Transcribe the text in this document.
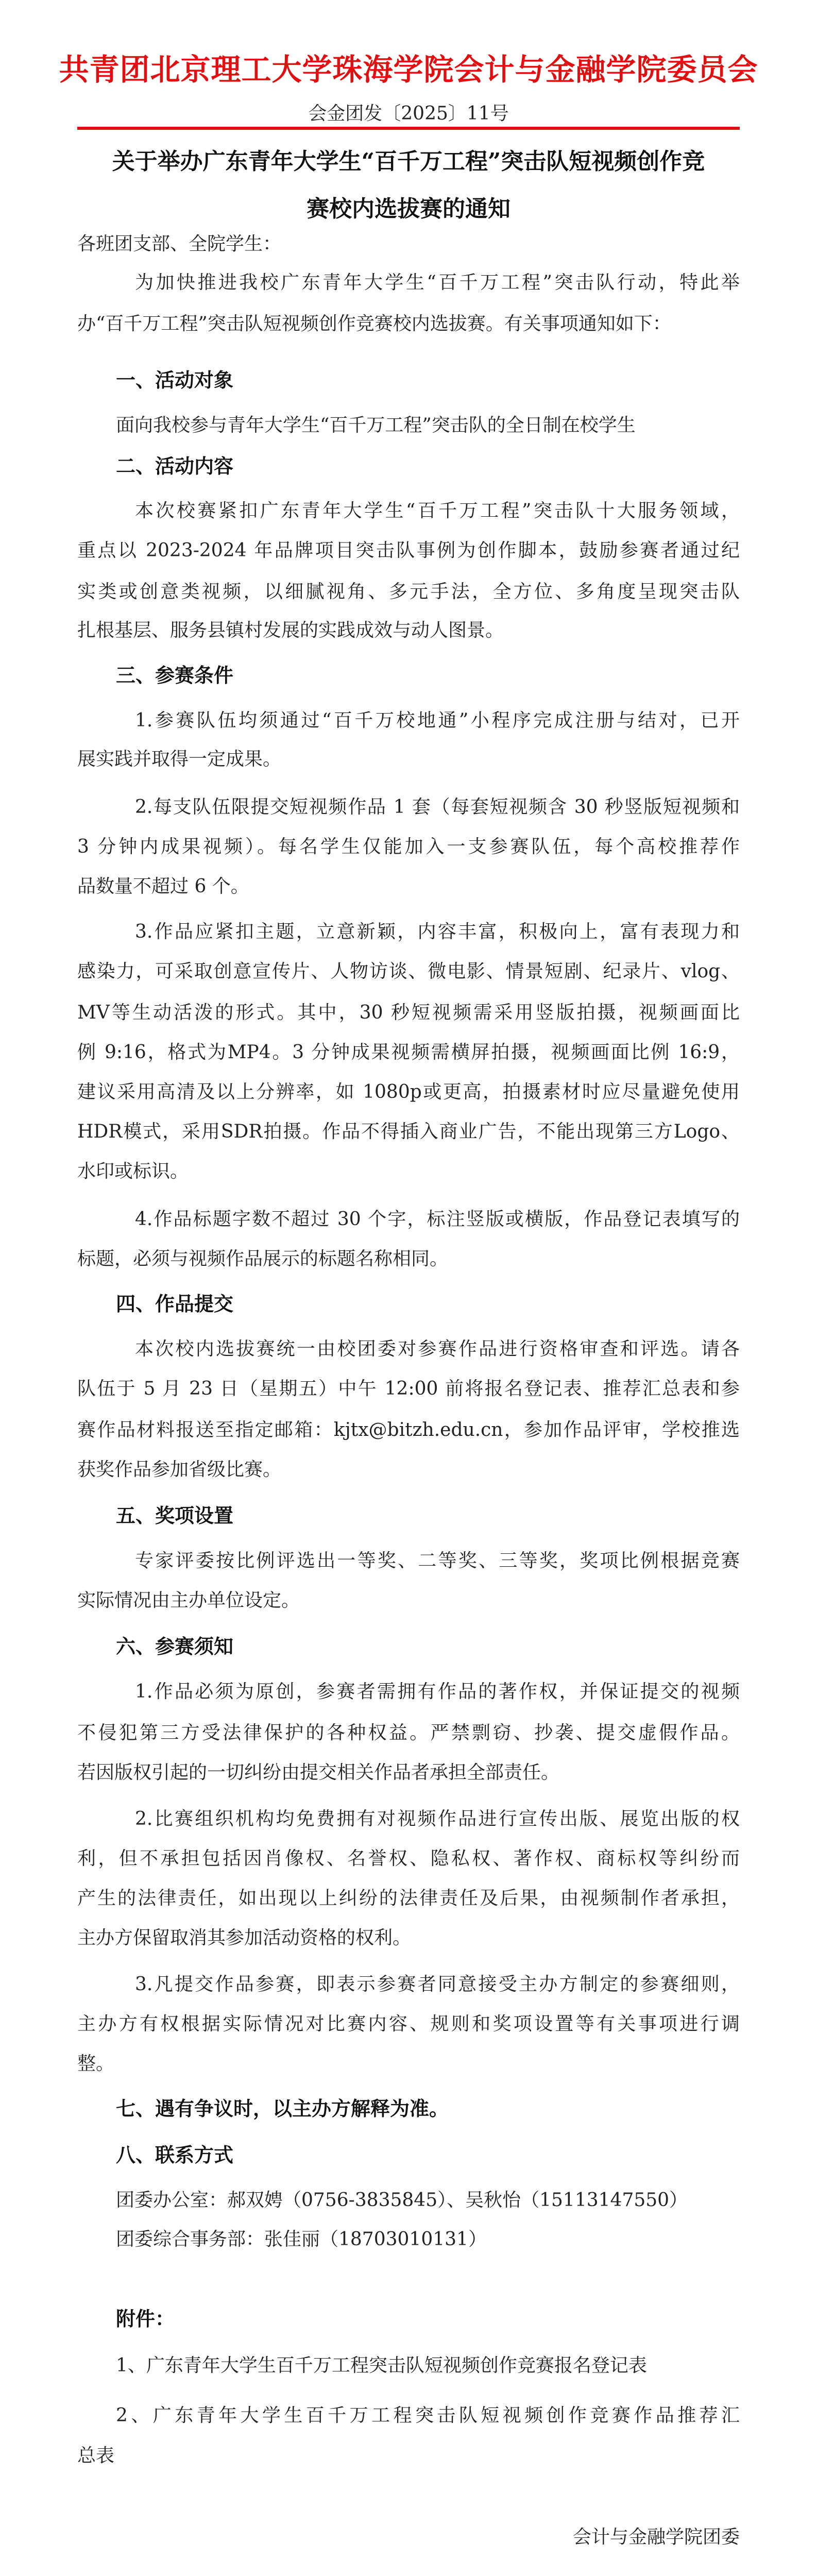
共青团北京理工大学珠海学院会计与金融学院委员会
会金团发〔2025〕11号
关于举办广东青年大学生“百千万工程”突击队短视频创作竞
赛校内选拔赛的通知
各班团支部、全院学生：
为加快推进我校广东青年大学生“百千万工程”突击队行动，特此举
办“百千万工程”突击队短视频创作竞赛校内选拔赛。有关事项通知如下：
一、活动对象
面向我校参与青年大学生“百千万工程”突击队的全日制在校学生
二、活动内容
本次校赛紧扣广东青年大学生“百千万工程”突击队十大服务领域，
重点以 2023-2024 年品牌项目突击队事例为创作脚本，鼓励参赛者通过纪
实类或创意类视频，以细腻视角、多元手法，全方位、多角度呈现突击队
扎根基层、服务县镇村发展的实践成效与动人图景。
三、参赛条件
1.参赛队伍均须通过“百千万校地通”小程序完成注册与结对，已开
展实践并取得一定成果。
2.每支队伍限提交短视频作品 1 套（每套短视频含 30 秒竖版短视频和
3 分钟内成果视频）。每名学生仅能加入一支参赛队伍，每个高校推荐作
品数量不超过 6 个。
3.作品应紧扣主题，立意新颖，内容丰富，积极向上，富有表现力和
感染力，可采取创意宣传片、人物访谈、微电影、情景短剧、纪录片、vlog、
MV等生动活泼的形式。其中，30 秒短视频需采用竖版拍摄，视频画面比
例 9:16，格式为MP4。3 分钟成果视频需横屏拍摄，视频画面比例 16:9，
建议采用高清及以上分辨率，如 1080p或更高，拍摄素材时应尽量避免使用
HDR模式，采用SDR拍摄。作品不得插入商业广告，不能出现第三方Logo、
水印或标识。
4.作品标题字数不超过 30 个字，标注竖版或横版，作品登记表填写的
标题，必须与视频作品展示的标题名称相同。
四、作品提交
本次校内选拔赛统一由校团委对参赛作品进行资格审查和评选。请各
队伍于 5 月 23 日（星期五）中午 12:00 前将报名登记表、推荐汇总表和参
赛作品材料报送至指定邮箱：kjtx@bitzh.edu.cn，参加作品评审，学校推选
获奖作品参加省级比赛。
五、奖项设置
专家评委按比例评选出一等奖、二等奖、三等奖，奖项比例根据竞赛
实际情况由主办单位设定。
六、参赛须知
1.作品必须为原创，参赛者需拥有作品的著作权，并保证提交的视频
不侵犯第三方受法律保护的各种权益。严禁剽窃、抄袭、提交虚假作品。
若因版权引起的一切纠纷由提交相关作品者承担全部责任。
2.比赛组织机构均免费拥有对视频作品进行宣传出版、展览出版的权
利，但不承担包括因肖像权、名誉权、隐私权、著作权、商标权等纠纷而
产生的法律责任，如出现以上纠纷的法律责任及后果，由视频制作者承担，
主办方保留取消其参加活动资格的权利。
3.凡提交作品参赛，即表示参赛者同意接受主办方制定的参赛细则，
主办方有权根据实际情况对比赛内容、规则和奖项设置等有关事项进行调
整。
七、遇有争议时，以主办方解释为准。
八、联系方式
团委办公室：郝双娉（0756-3835845）、吴秋怡（15113147550）
团委综合事务部：张佳丽（18703010131）
附件：
1、广东青年大学生百千万工程突击队短视频创作竞赛报名登记表
2、广东青年大学生百千万工程突击队短视频创作竞赛作品推荐汇
总表
会计与金融学院团委
